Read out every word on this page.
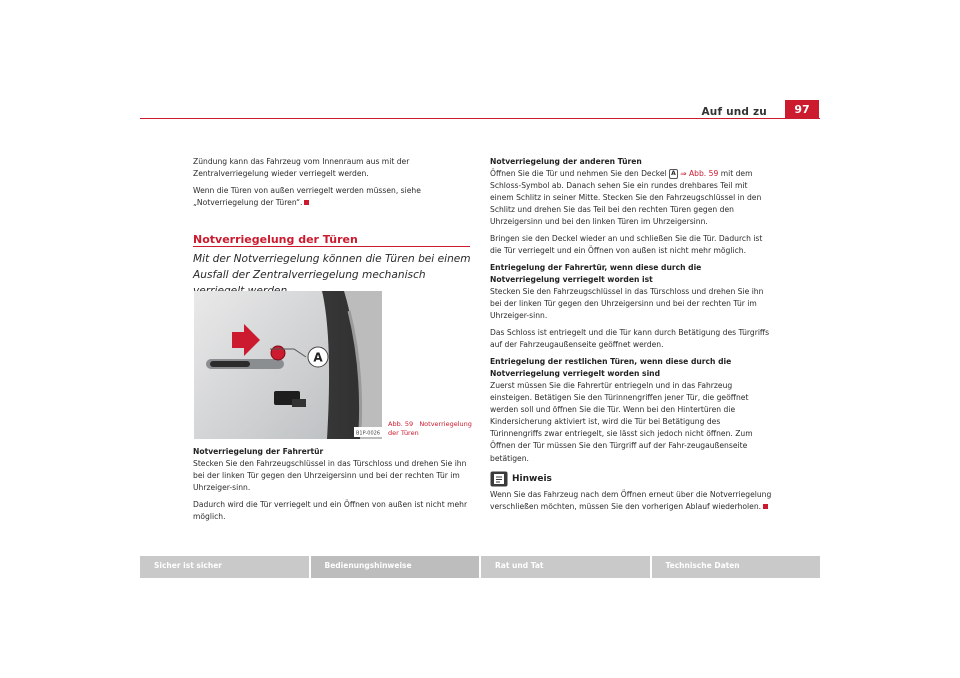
Auf und zu	97

Zündung kann das Fahrzeug vom Innenraum aus mit der Zentralverriegelung wieder verriegelt werden.

Wenn die Türen von außen verriegelt werden müssen, siehe „Notverriegelung der Türen“.

Notverriegelung der Türen
Mit der Notverriegelung können die Türen bei einem Ausfall der Zentralverriegelung mechanisch
A
B1P-0026
Abb. 59 Notverriegelung der Türen

Notverriegelung der Fahrertür

Stecken Sie den Fahrzeugschlüssel in das Türschloss und drehen Sie ihn bei der linken Tür gegen den Uhrzeigersinn und bei der rechten Tür im Uhrzeiger-sinn.

Dadurch wird die Tür verriegelt und ein Öffnen von außen ist nicht mehr möglich.

Notverriegelung der anderen Türen

Öffnen Sie die Tür und nehmen Sie den Deckel A ⇒ Abb. 59 mit dem Schloss-Symbol ab. Danach sehen Sie ein rundes drehbares Teil mit einem Schlitz in seiner Mitte. Stecken Sie den Fahrzeugschlüssel in den Schlitz und drehen Sie das Teil bei den rechten Türen gegen den Uhrzeigersinn und bei den linken Türen im Uhrzeigersinn.

Bringen sie den Deckel wieder an und schließen Sie die Tür. Dadurch ist die Tür verriegelt und ein Öffnen von außen ist nicht mehr möglich.

Entriegelung der Fahrertür, wenn diese durch die Notverriegelung verriegelt worden ist

Stecken Sie den Fahrzeugschlüssel in das Türschloss und drehen Sie ihn bei der linken Tür gegen den Uhrzeigersinn und bei der rechten Tür im Uhrzeiger-sinn.

Das Schloss ist entriegelt und die Tür kann durch Betätigung des Türgriffs auf der Fahrzeugaußenseite geöffnet werden.

Entriegelung der restlichen Türen, wenn diese durch die Notverriegelung verriegelt worden sind

Zuerst müssen Sie die Fahrertür entriegeln und in das Fahrzeug einsteigen. Betätigen Sie den Türinnengriffen jener Tür, die geöffnet werden soll und öffnen Sie die Tür. Wenn bei den Hintertüren die Kindersicherung aktiviert ist, wird die Tür bei Betätigung des Türinnengriffs zwar entriegelt, sie lässt sich jedoch nicht öffnen. Zum Öffnen der Tür müssen Sie den Türgriff auf der Fahr-zeugaußenseite betätigen.

Hinweis

Wenn Sie das Fahrzeug nach dem Öffnen erneut über die Notverriegelung verschließen möchten, müssen Sie den vorherigen Ablauf wiederholen.

Sicher ist sicher	Bedienungshinweise	Rat und Tat	Technische Daten
